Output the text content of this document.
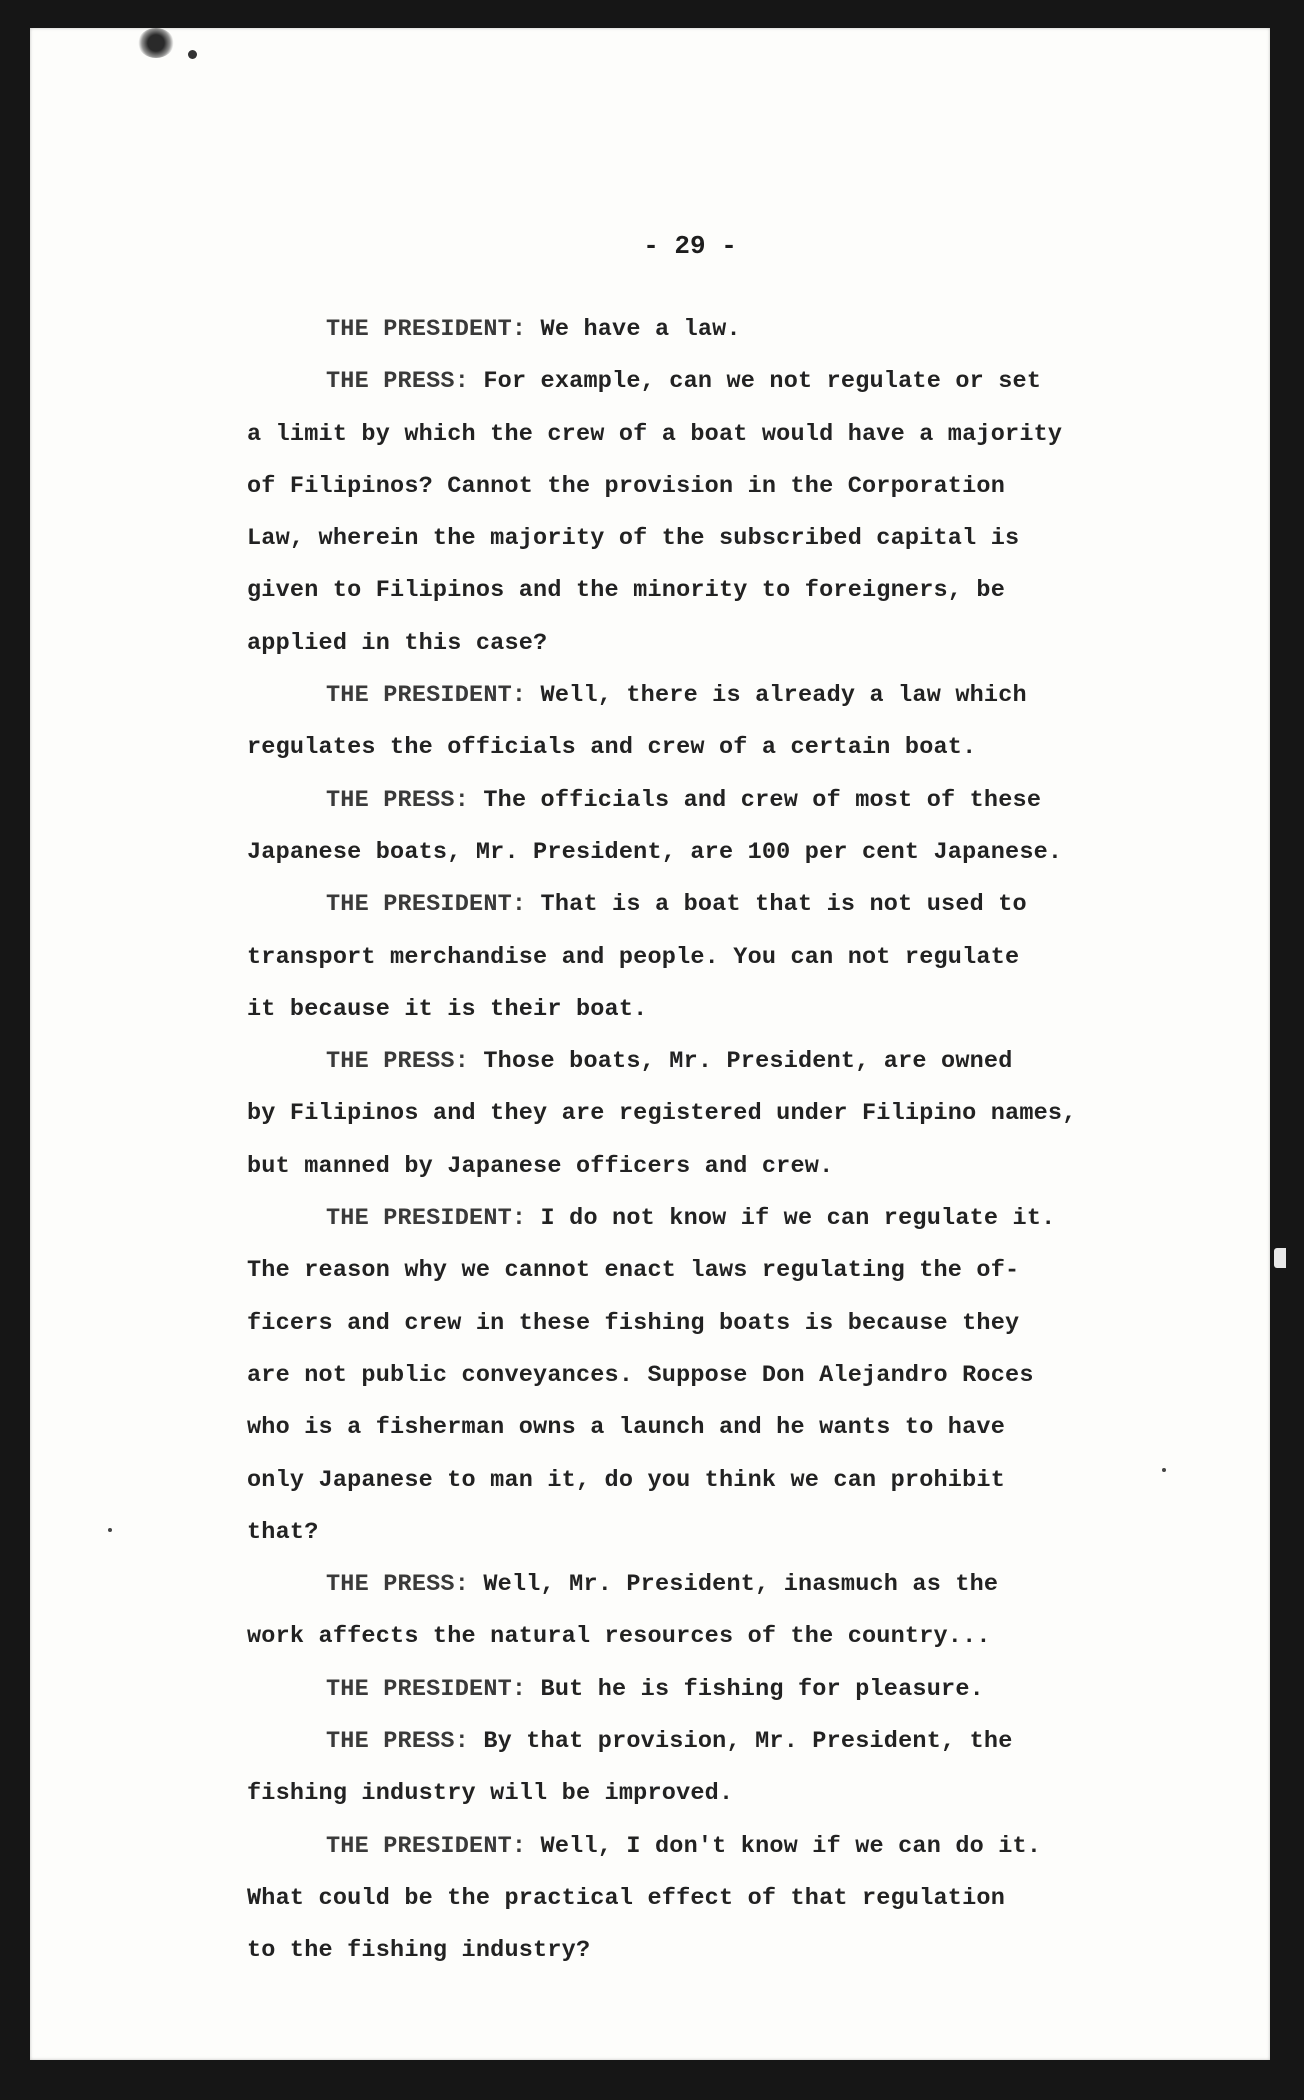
- 29 -

THE PRESIDENT: We have a law.

THE PRESS: For example, can we not regulate or set
a limit by which the crew of a boat would have a majority
of Filipinos? Cannot the provision in the Corporation
Law, wherein the majority of the subscribed capital is
given to Filipinos and the minority to foreigners, be
applied in this case?

THE PRESIDENT: Well, there is already a law which
regulates the officials and crew of a certain boat.

THE PRESS: The officials and crew of most of these
Japanese boats, Mr. President, are 100 per cent Japanese.

THE PRESIDENT: That is a boat that is not used to
transport merchandise and people. You can not regulate
it because it is their boat.

THE PRESS: Those boats, Mr. President, are owned
by Filipinos and they are registered under Filipino names,
but manned by Japanese officers and crew.

THE PRESIDENT: I do not know if we can regulate it.
The reason why we cannot enact laws regulating the of-
ficers and crew in these fishing boats is because they
are not public conveyances. Suppose Don Alejandro Roces
who is a fisherman owns a launch and he wants to have
only Japanese to man it, do you think we can prohibit
that?

THE PRESS: Well, Mr. President, inasmuch as the
work affects the natural resources of the country...

THE PRESIDENT: But he is fishing for pleasure.

THE PRESS: By that provision, Mr. President, the
fishing industry will be improved.

THE PRESIDENT: Well, I don't know if we can do it.
What could be the practical effect of that regulation
to the fishing industry?
